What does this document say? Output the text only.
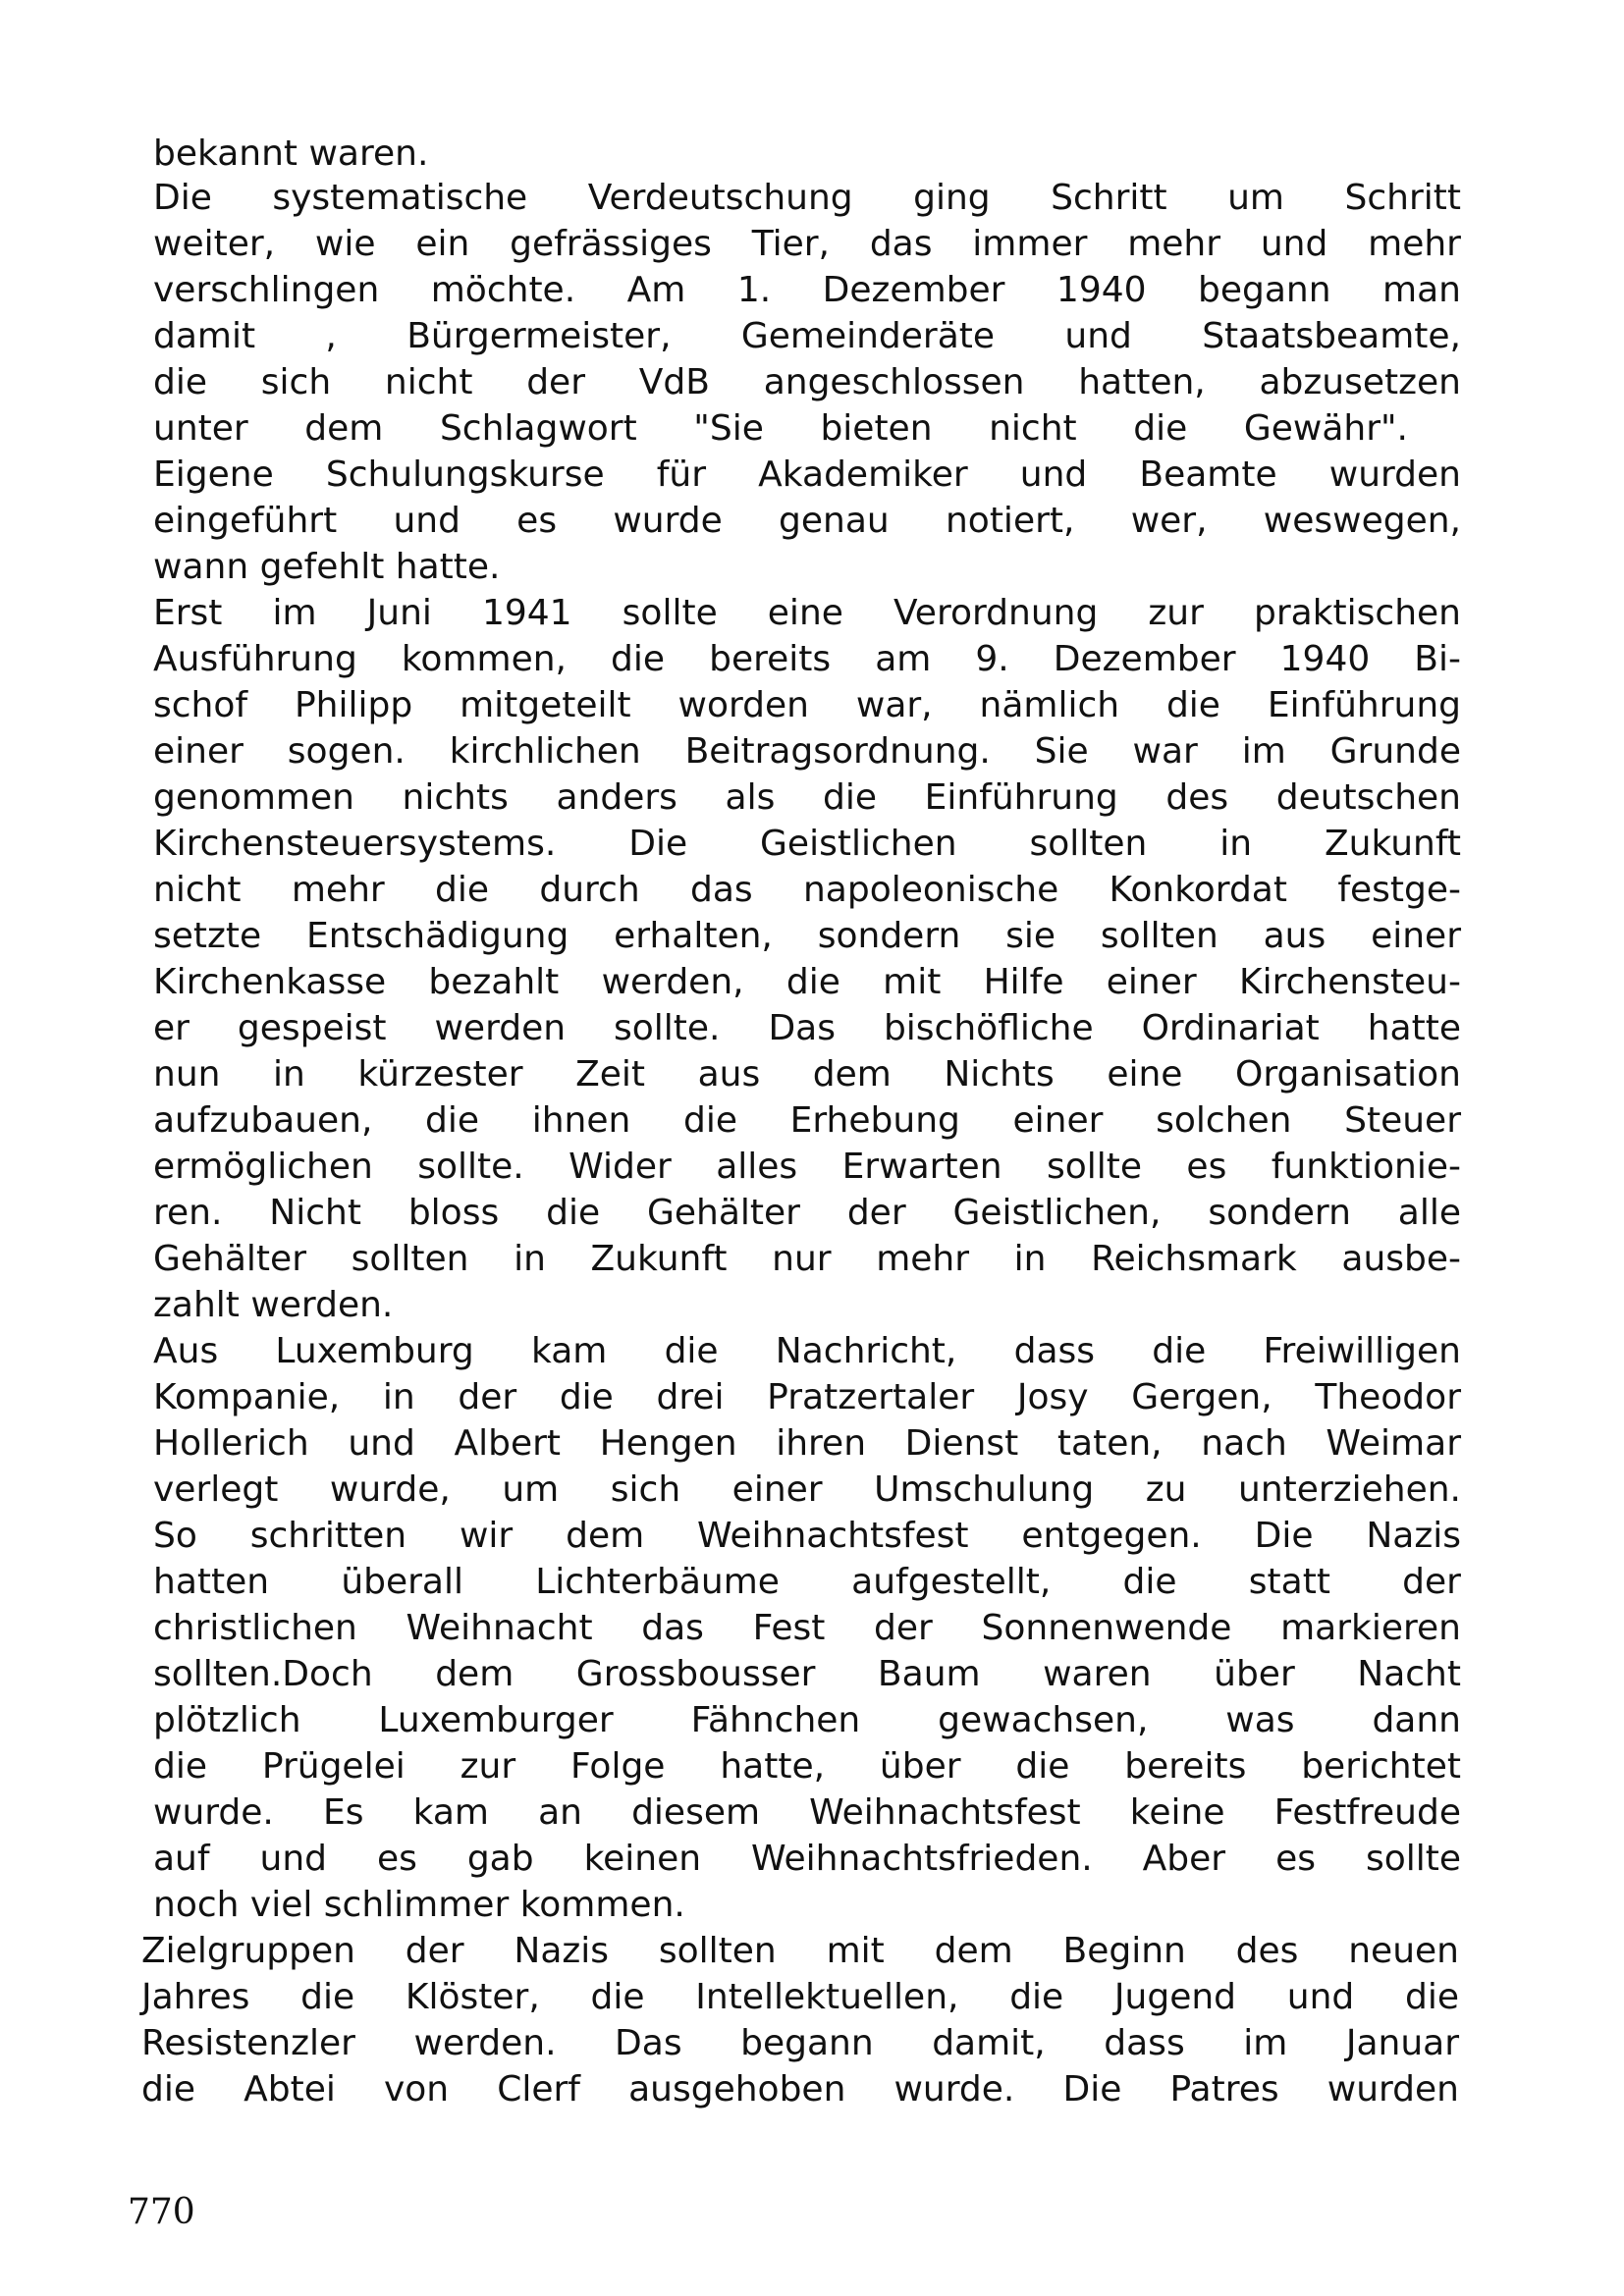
bekannt waren.
Die systematische Verdeutschung ging Schritt um Schritt
weiter, wie ein gefrässiges Tier, das immer mehr und mehr
verschlingen möchte. Am 1. Dezember 1940 begann man
damit , Bürgermeister, Gemeinderäte und Staatsbeamte,
die sich nicht der VdB angeschlossen hatten, abzusetzen
unter dem Schlagwort "Sie bieten nicht die Gewähr".
Eigene Schulungskurse für Akademiker und Beamte wurden
eingeführt und es wurde genau notiert, wer, weswegen,
wann gefehlt hatte.
Erst im Juni 1941 sollte eine Verordnung zur praktischen
Ausführung kommen, die bereits am 9. Dezember 1940 Bi-
schof Philipp mitgeteilt worden war, nämlich die Einführung
einer sogen. kirchlichen Beitragsordnung. Sie war im Grunde
genommen nichts anders als die Einführung des deutschen
Kirchensteuersystems. Die Geistlichen sollten in Zukunft
nicht mehr die durch das napoleonische Konkordat festge-
setzte Entschädigung erhalten, sondern sie sollten aus einer
Kirchenkasse bezahlt werden, die mit Hilfe einer Kirchensteu-
er gespeist werden sollte. Das bischöfliche Ordinariat hatte
nun in kürzester Zeit aus dem Nichts eine Organisation
aufzubauen, die ihnen die Erhebung einer solchen Steuer
ermöglichen sollte. Wider alles Erwarten sollte es funktionie-
ren. Nicht bloss die Gehälter der Geistlichen, sondern alle
Gehälter sollten in Zukunft nur mehr in Reichsmark ausbe-
zahlt werden.
Aus Luxemburg kam die Nachricht, dass die Freiwilligen
Kompanie, in der die drei Pratzertaler Josy Gergen, Theodor
Hollerich und Albert Hengen ihren Dienst taten, nach Weimar
verlegt wurde, um sich einer Umschulung zu unterziehen.
So schritten wir dem Weihnachtsfest entgegen. Die Nazis
hatten überall Lichterbäume aufgestellt, die statt der
christlichen Weihnacht das Fest der Sonnenwende markieren
sollten.Doch dem Grossbousser Baum waren über Nacht
plötzlich Luxemburger Fähnchen gewachsen, was dann
die Prügelei zur Folge hatte, über die bereits berichtet
wurde. Es kam an diesem Weihnachtsfest keine Festfreude
auf und es gab keinen Weihnachtsfrieden. Aber es sollte
noch viel schlimmer kommen.
Zielgruppen der Nazis sollten mit dem Beginn des neuen
Jahres die Klöster, die Intellektuellen, die Jugend und die
Resistenzler werden. Das begann damit, dass im Januar
die Abtei von Clerf ausgehoben wurde. Die Patres wurden
770
